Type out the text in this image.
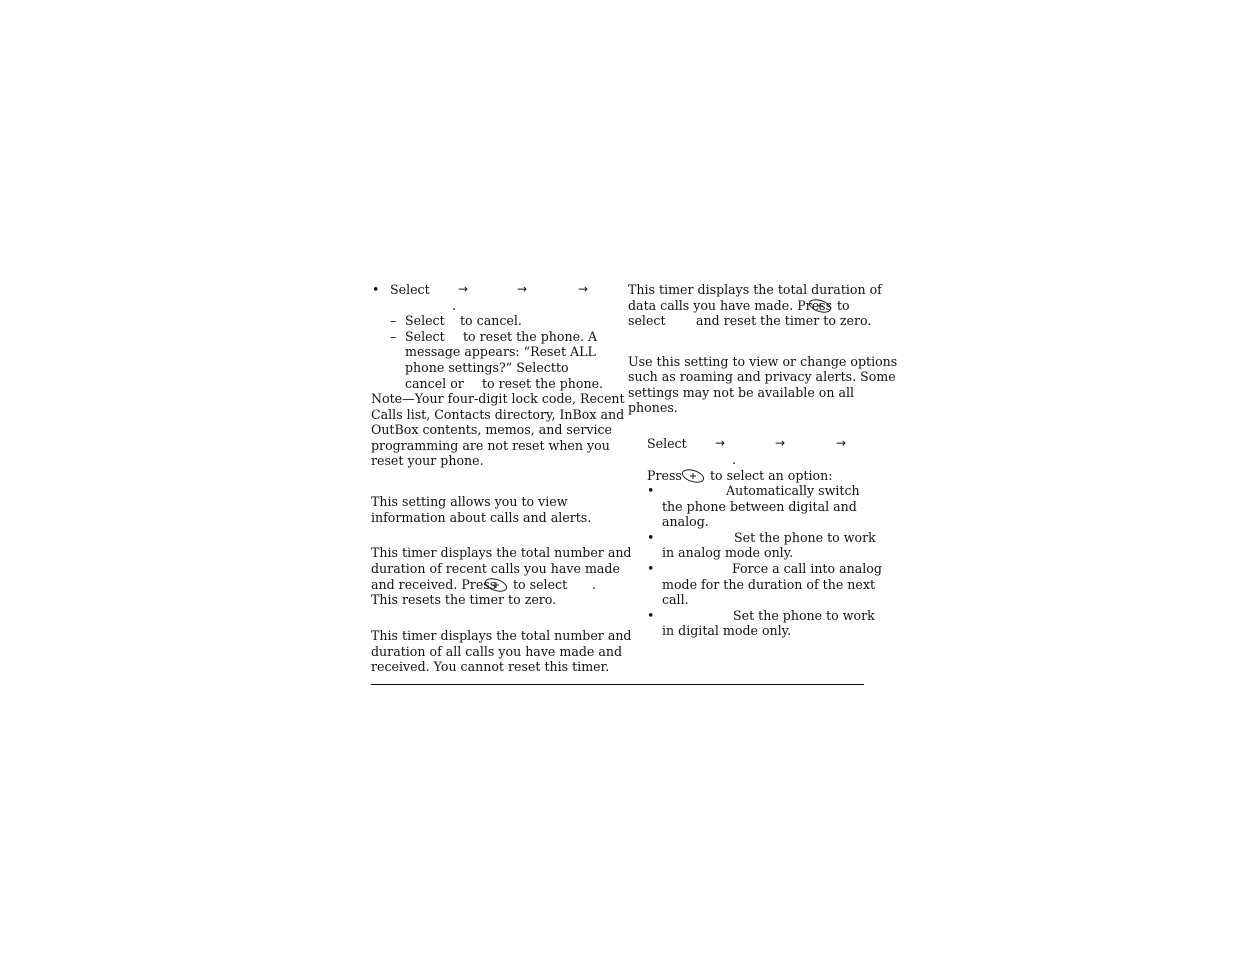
• Select →	→	→
.
– Select to cancel.
– Select to reset the phone. A
message appears: “Reset ALL
phone settings?” Select to
cancel or to reset the phone.
Note—Your four-digit lock code, Recent
Calls list, Contacts directory, InBox and
OutBox contents, memos, and service
programming are not reset when you
reset your phone.
This setting allows you to view
information about calls and alerts.
This timer displays the total number and
duration of recent calls you have made
and received. Press to select .
This resets the timer to zero.
This timer displays the total number and
duration of all calls you have made and
received. You cannot reset this timer.
This timer displays the total duration of
data calls you have made. Press to
select and reset the timer to zero.
Use this setting to view or change options
such as roaming and privacy alerts. Some
settings may not be available on all
phones.
Select →	→	→
.
Press to select an option:
•	Automatically switch
the phone between digital and
analog.
•	Set the phone to work
in analog mode only.
•	Force a call into analog
mode for the duration of the next
call.
•	Set the phone to work
in digital mode only.
